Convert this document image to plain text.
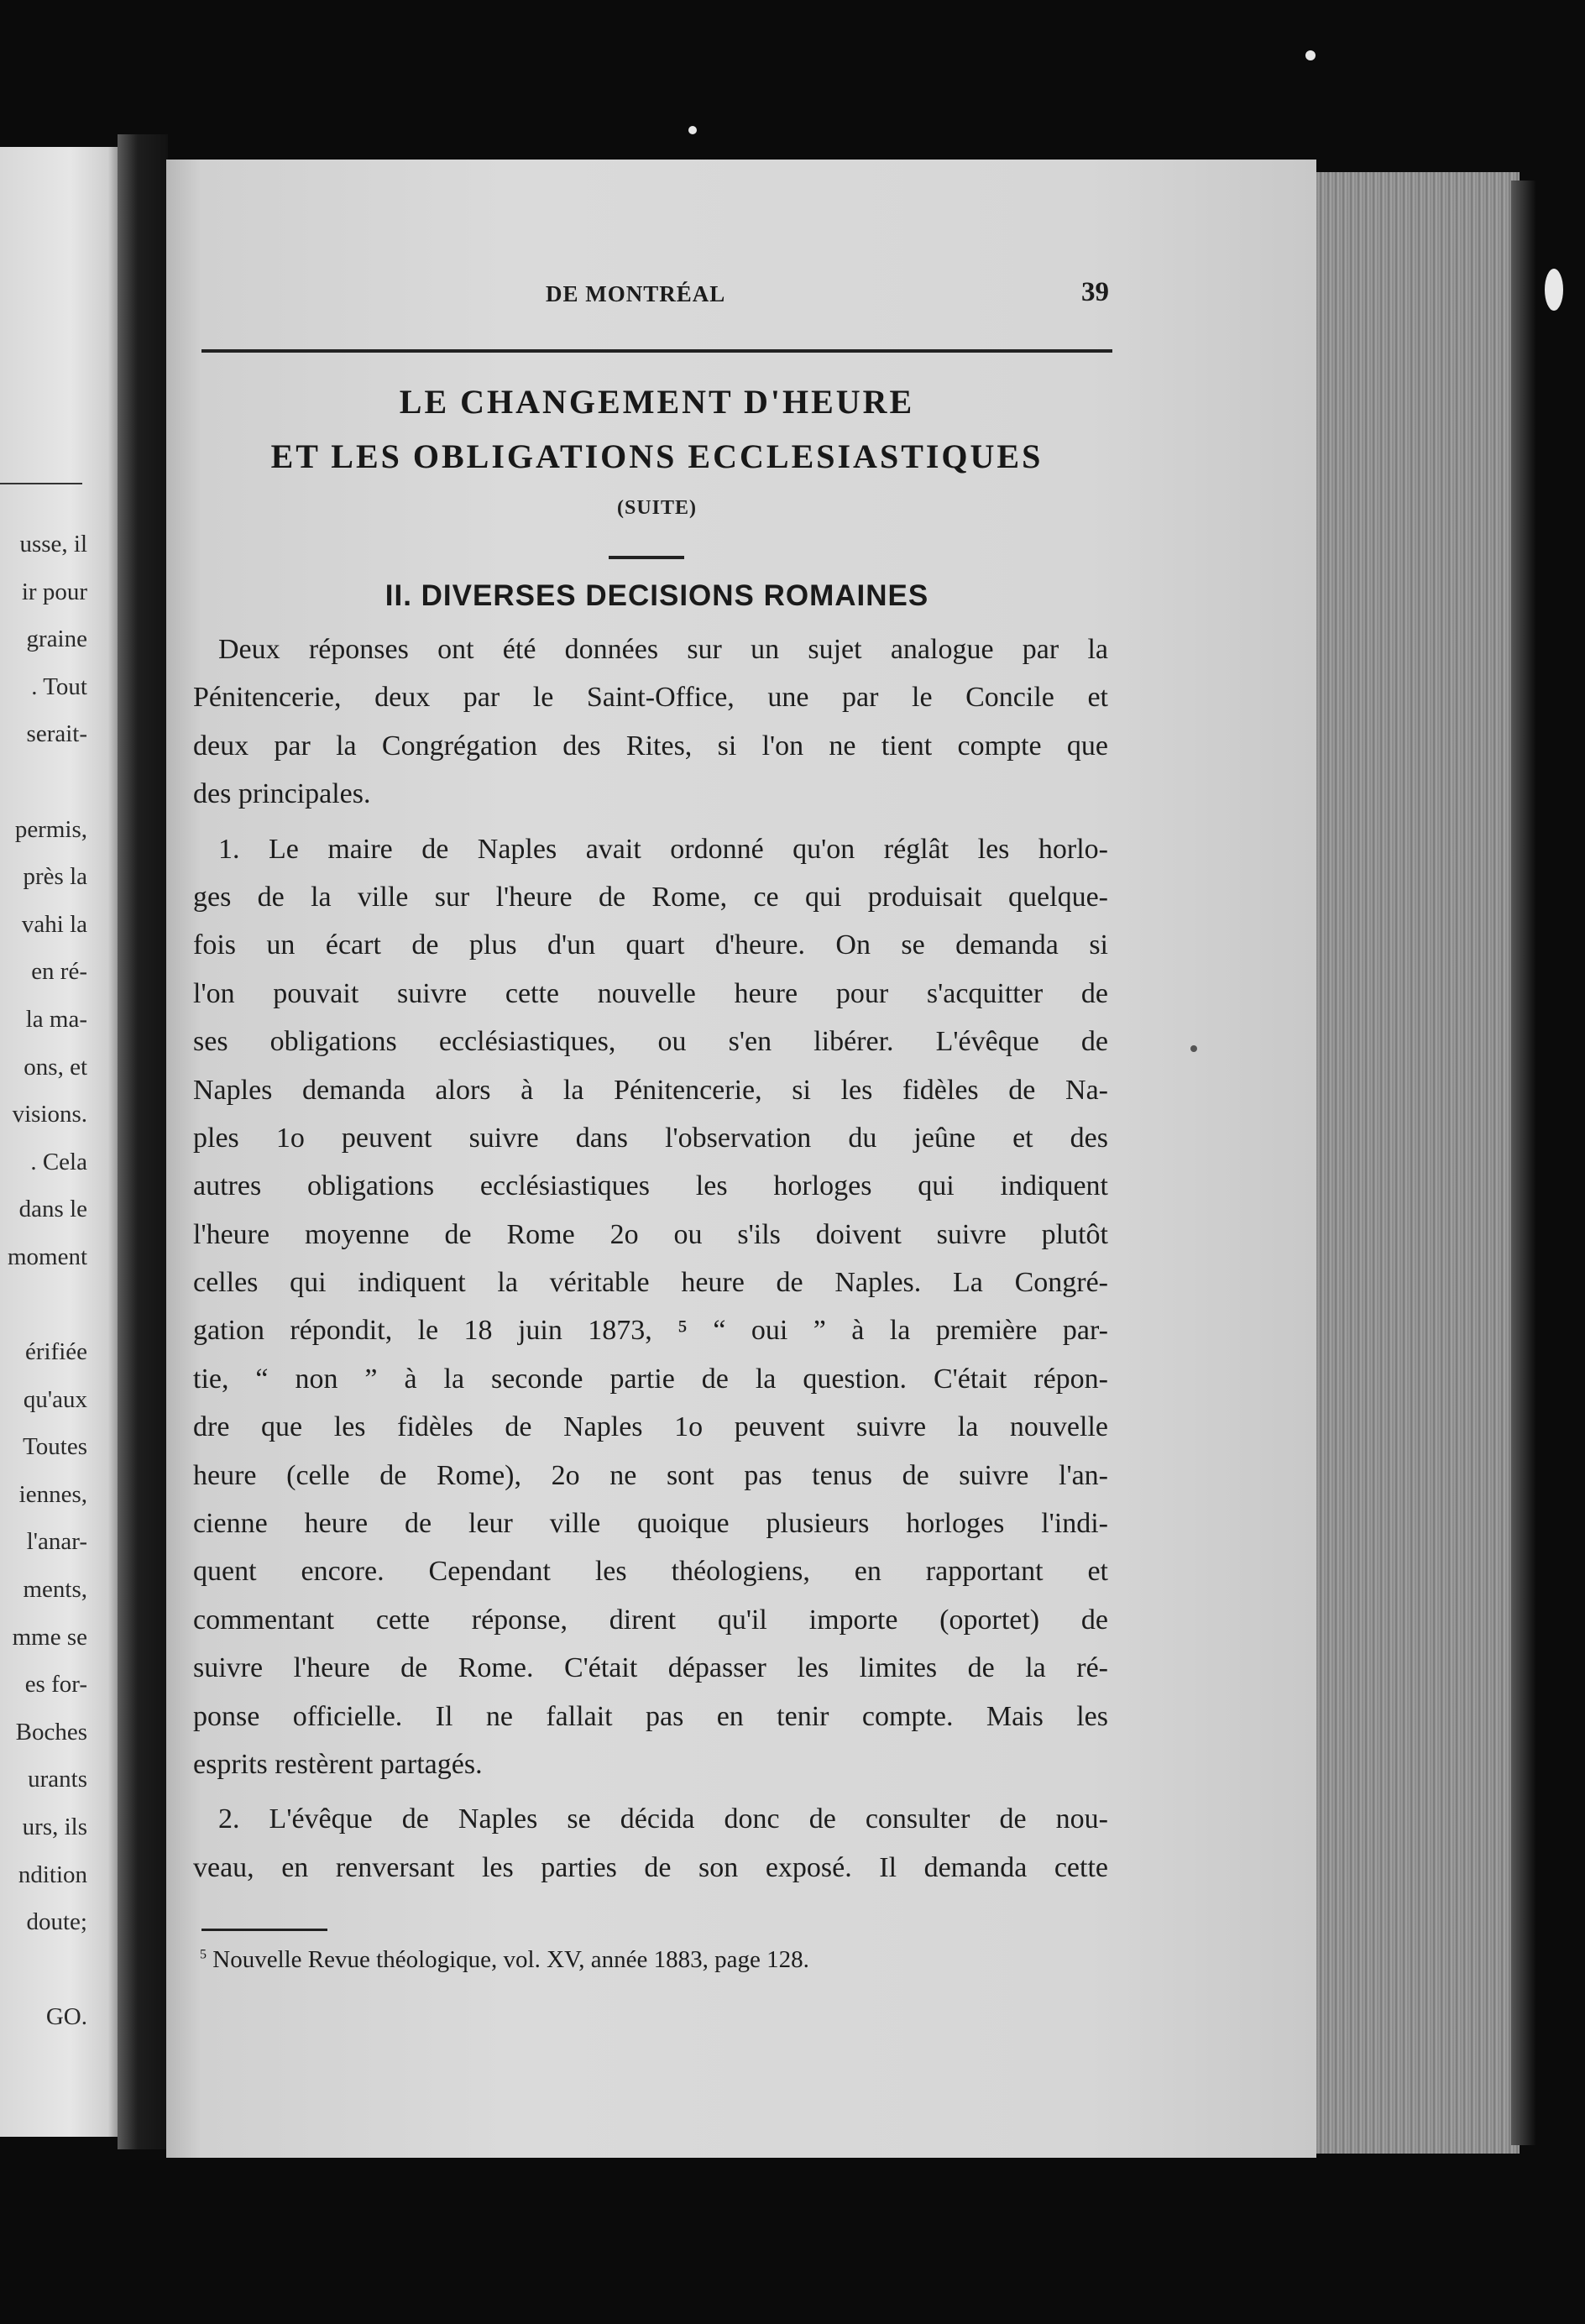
usse, il
ir pour
graine
. Tout
serait-
permis,
près la
vahi la
en ré-
la ma-
ons, et
visions.
. Cela
dans le
moment
érifiée
qu'aux
Toutes
iennes,
l'anar-
ments,
mme se
es for-
Boches
urants
urs, ils
ndition
doute;
GO.
DE MONTRÉAL	39
LE CHANGEMENT D'HEURE
ET LES OBLIGATIONS ECCLESIASTIQUES
(SUITE)
II. DIVERSES DECISIONS ROMAINES
Deux réponses ont été données sur un sujet analogue par la
Pénitencerie, deux par le Saint-Office, une par le Concile et
deux par la Congrégation des Rites, si l'on ne tient compte que
des principales.
1. Le maire de Naples avait ordonné qu'on réglât les horlo-
ges de la ville sur l'heure de Rome, ce qui produisait quelque-
fois un écart de plus d'un quart d'heure. On se demanda si
l'on pouvait suivre cette nouvelle heure pour s'acquitter de
ses obligations ecclésiastiques, ou s'en libérer. L'évêque de
Naples demanda alors à la Pénitencerie, si les fidèles de Na-
ples 1o peuvent suivre dans l'observation du jeûne et des
autres obligations ecclésiastiques les horloges qui indiquent
l'heure moyenne de Rome 2o ou s'ils doivent suivre plutôt
celles qui indiquent la véritable heure de Naples. La Congré-
gation répondit, le 18 juin 1873, ⁵ “ oui ” à la première par-
tie, “ non ” à la seconde partie de la question. C'était répon-
dre que les fidèles de Naples 1o peuvent suivre la nouvelle
heure (celle de Rome), 2o ne sont pas tenus de suivre l'an-
cienne heure de leur ville quoique plusieurs horloges l'indi-
quent encore. Cependant les théologiens, en rapportant et
commentant cette réponse, dirent qu'il importe (oportet) de
suivre l'heure de Rome. C'était dépasser les limites de la ré-
ponse officielle. Il ne fallait pas en tenir compte. Mais les
esprits restèrent partagés.
2. L'évêque de Naples se décida donc de consulter de nou-
veau, en renversant les parties de son exposé. Il demanda cette
$^5$ Nouvelle Revue théologique, vol. XV, année 1883, page 128.
